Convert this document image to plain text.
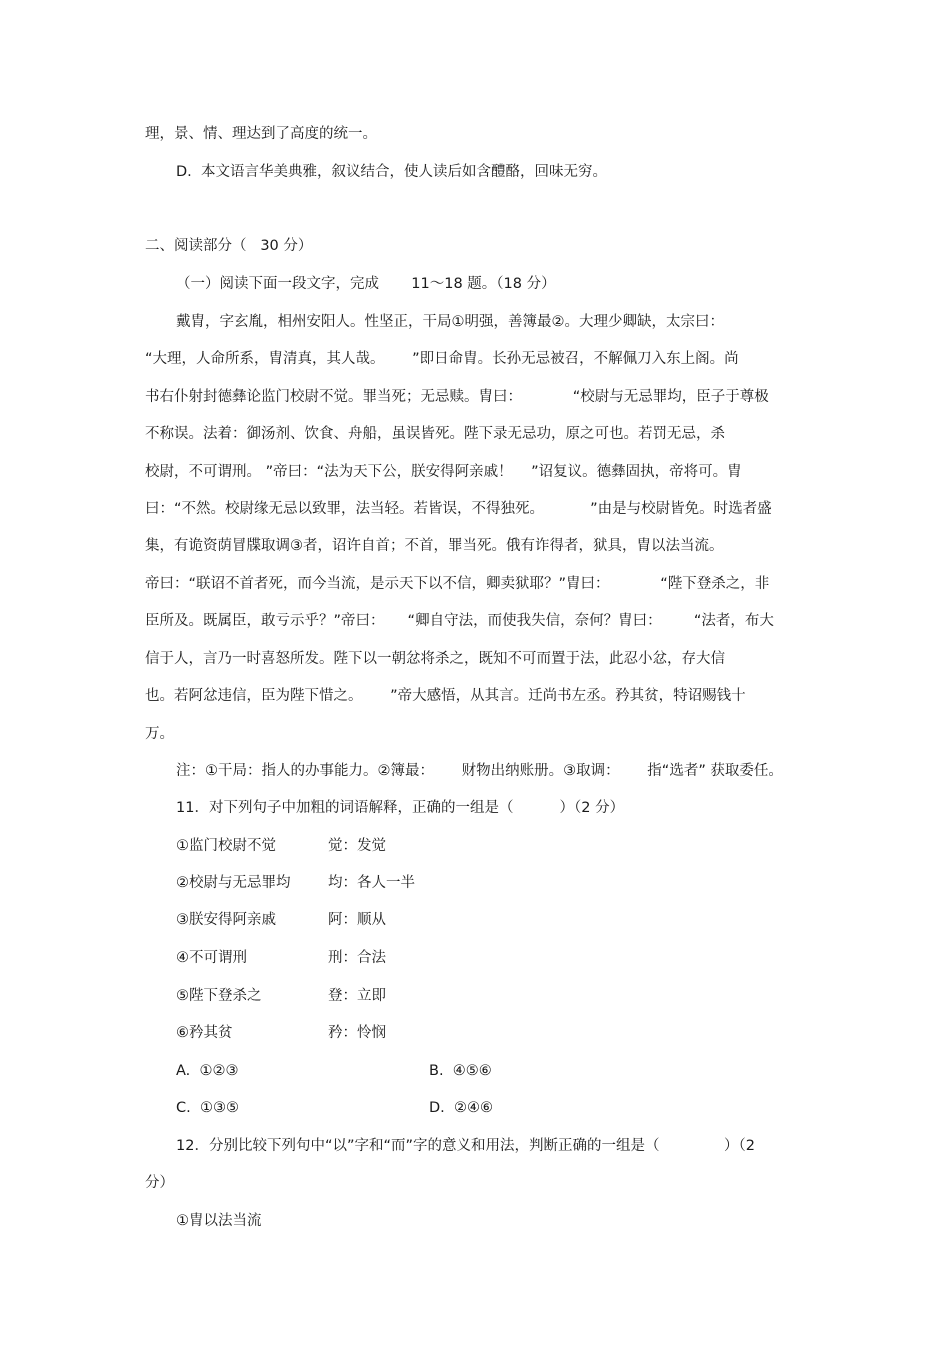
理，景、情、理达到了高度的统一。
D.  本文语言华美典雅，叙议结合，使人读后如含醴酪，回味无穷。
二、阅读部分（   30 分）
（一）阅读下面一段文字，完成       11～18 题。（18 分）
戴胄，字玄胤，相州安阳人。性坚正，干局①明强，善簿最②。大理少卿缺，太宗曰：
“大理，人命所系，胄清真，其人哉。      ”即日命胄。长孙无忌被召，不解佩刀入东上阁。尚
书右仆射封德彝论监门校尉不觉。罪当死；无忌赎。胄曰：           “校尉与无忌罪均，臣子于尊极
不称误。法着：御汤剂、饮食、舟船，虽误皆死。陛下录无忌功，原之可也。若罚无忌，杀
校尉，不可谓刑。 ”帝曰：“法为天下公，朕安得阿亲戚！    ”诏复议。德彝固执，帝将可。胄
曰：“不然。校尉缘无忌以致罪，法当轻。若皆误，不得独死。          ”由是与校尉皆免。时选者盛
集，有诡资荫冒牒取调③者，诏许自首；不首，罪当死。俄有诈得者，狱具，胄以法当流。
帝曰：“联诏不首者死，而今当流，是示天下以不信，卿卖狱耶？”胄曰：           “陛下登杀之，非
臣所及。既属臣，敢亏示乎？”帝曰：     “卿自守法，而使我失信，奈何？胄曰：       “法者，布大
信于人，言乃一时喜怒所发。陛下以一朝忿将杀之，既知不可而置于法，此忍小忿，存大信
也。若阿忿违信，臣为陛下惜之。      ”帝大感悟，从其言。迁尚书左丞。矜其贫，特诏赐钱十
万。
注：①干局：指人的办事能力。②簿最：      财物出纳账册。③取调：      指“选者” 获取委任。
11．对下列句子中加粗的词语解释，正确的一组是（          ）（2 分）
①监门校尉不觉	觉：发觉
②校尉与无忌罪均	均：各人一半
③朕安得阿亲戚	阿：顺从
④不可谓刑	刑：合法
⑤陛下登杀之	登：立即
⑥矜其贫	矜：怜悯
A.  ①②③	B.  ④⑤⑥
C.  ①③⑤	D.  ②④⑥
12．分别比较下列句中“以”字和“而”字的意义和用法，判断正确的一组是（              ）（2
分）
①胄以法当流
